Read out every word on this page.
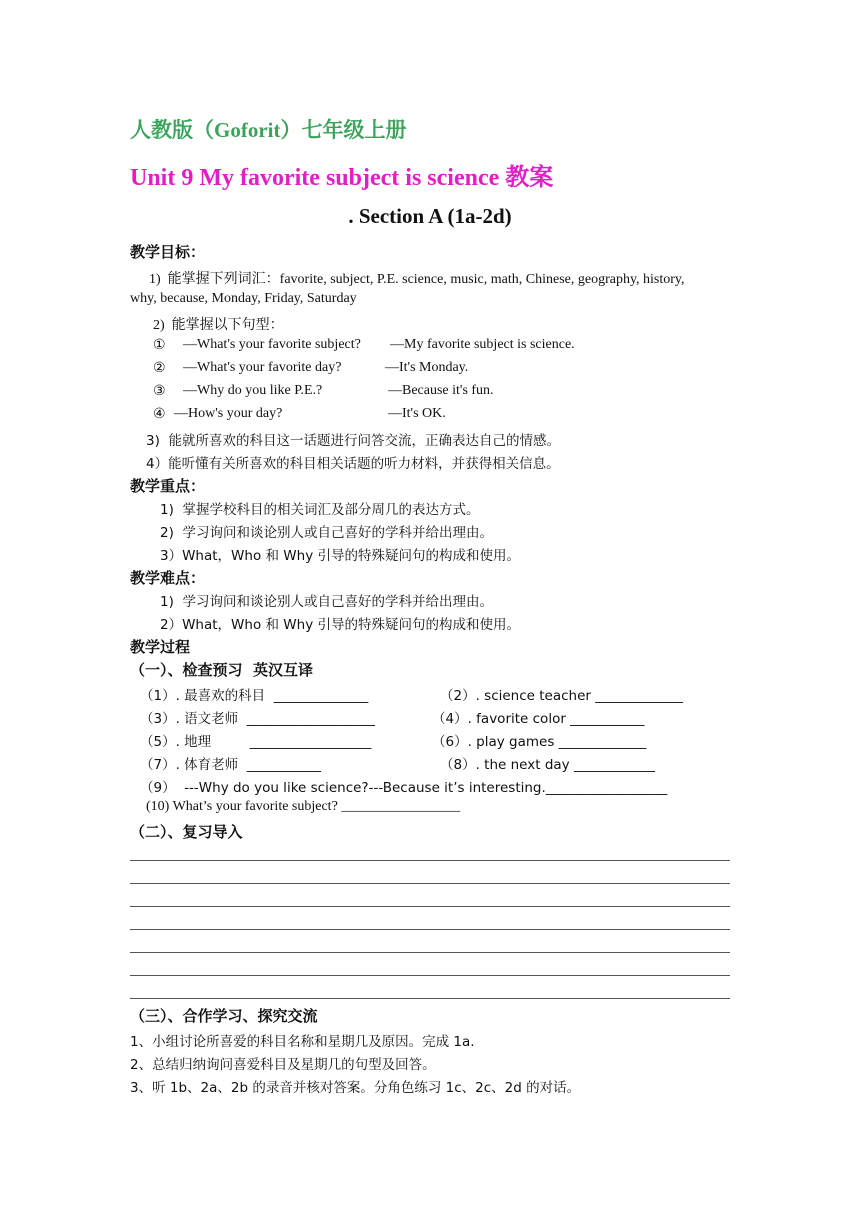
人教版（Goforit）七年级上册
Unit 9 My favorite subject is science 教案
. Section A (1a-2d)
教学目标：
1)  能掌握下列词汇：favorite, subject, P.E. science, music, math, Chinese, geography, history,
why, because, Monday, Friday, Saturday
2)  能掌握以下句型：
① —What's your favorite subject? —My favorite subject is science.
② —What's your favorite day?	—It's Monday.
③ —Why do you like P.E.?	—Because it's fun.
④ —How's your day?	—It's OK.
3)  能就所喜欢的科目这一话题进行问答交流，正确表达自己的情感。
4）能听懂有关所喜欢的科目相关话题的听力材料，并获得相关信息。
教学重点：
1)  掌握学校科目的相关词汇及部分周几的表达方式。
2)  学习询问和谈论别人或自己喜好的学科并给出理由。
3）What，Who 和 Why 引导的特殊疑问句的构成和使用。
教学难点：
1)  学习询问和谈论别人或自己喜好的学科并给出理由。
2）What，Who 和 Why 引导的特殊疑问句的构成和使用。
教学过程
（一）、检查预习  英汉互译
（1）. 最喜欢的科目  ______________	（2）. science teacher _____________
（3）. 语文老师  ___________________	（4）. favorite color ___________
（5）. 地理         __________________	（6）. play games _____________
（7）. 体育老师  ___________	（8）. the next day ____________
（9）  ---Why do you like science?---Because it’s interesting.__________________
(10) What’s your favorite subject? _________________
（二）、复习导入
（三）、合作学习、探究交流
1、小组讨论所喜爱的科目名称和星期几及原因。完成 1a.
2、总结归纳询问喜爱科目及星期几的句型及回答。
3、听 1b、2a、2b 的录音并核对答案。分角色练习 1c、2c、2d 的对话。
